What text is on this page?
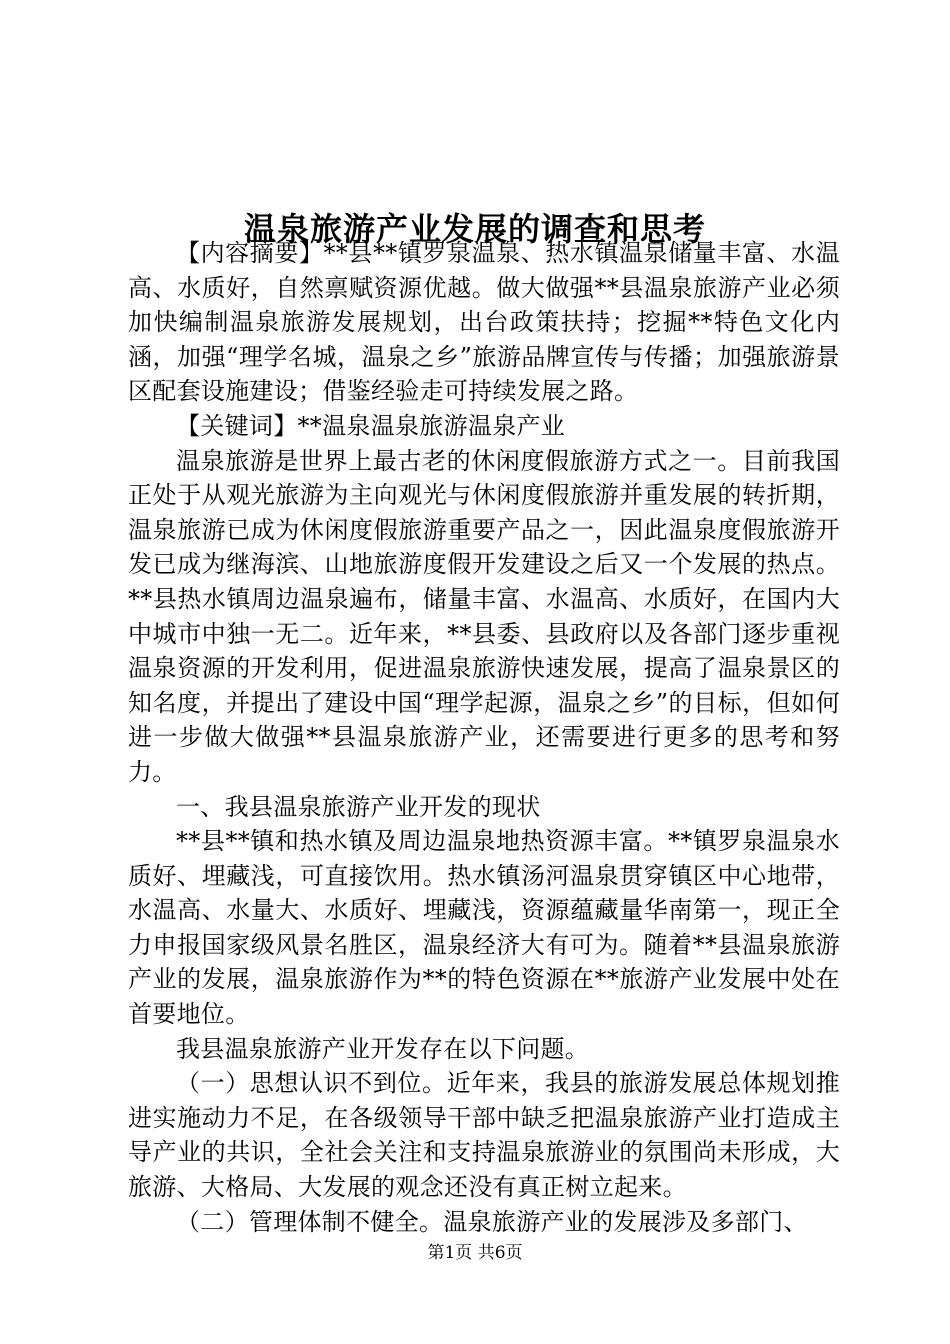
温泉旅游产业发展的调查和思考

【内容摘要】**县**镇罗泉温泉、热水镇温泉储量丰富、水温高、水质好，自然禀赋资源优越。做大做强**县温泉旅游产业必须加快编制温泉旅游发展规划，出台政策扶持；挖掘**特色文化内涵，加强“理学名城，温泉之乡”旅游品牌宣传与传播；加强旅游景区配套设施建设；借鉴经验走可持续发展之路。

【关键词】**温泉温泉旅游温泉产业

温泉旅游是世界上最古老的休闲度假旅游方式之一。目前我国正处于从观光旅游为主向观光与休闲度假旅游并重发展的转折期，温泉旅游已成为休闲度假旅游重要产品之一，因此温泉度假旅游开发已成为继海滨、山地旅游度假开发建设之后又一个发展的热点。**县热水镇周边温泉遍布，储量丰富、水温高、水质好，在国内大中城市中独一无二。近年来，**县委、县政府以及各部门逐步重视温泉资源的开发利用，促进温泉旅游快速发展，提高了温泉景区的知名度，并提出了建设中国“理学起源，温泉之乡”的目标，但如何进一步做大做强**县温泉旅游产业，还需要进行更多的思考和努力。

一、我县温泉旅游产业开发的现状

**县**镇和热水镇及周边温泉地热资源丰富。**镇罗泉温泉水质好、埋藏浅，可直接饮用。热水镇汤河温泉贯穿镇区中心地带，水温高、水量大、水质好、埋藏浅，资源蕴藏量华南第一，现正全力申报国家级风景名胜区，温泉经济大有可为。随着**县温泉旅游产业的发展，温泉旅游作为**的特色资源在**旅游产业发展中处在首要地位。

我县温泉旅游产业开发存在以下问题。

（一）思想认识不到位。近年来，我县的旅游发展总体规划推进实施动力不足，在各级领导干部中缺乏把温泉旅游产业打造成主导产业的共识，全社会关注和支持温泉旅游业的氛围尚未形成，大旅游、大格局、大发展的观念还没有真正树立起来。

（二）管理体制不健全。温泉旅游产业的发展涉及多部门、

第1页 共6页
